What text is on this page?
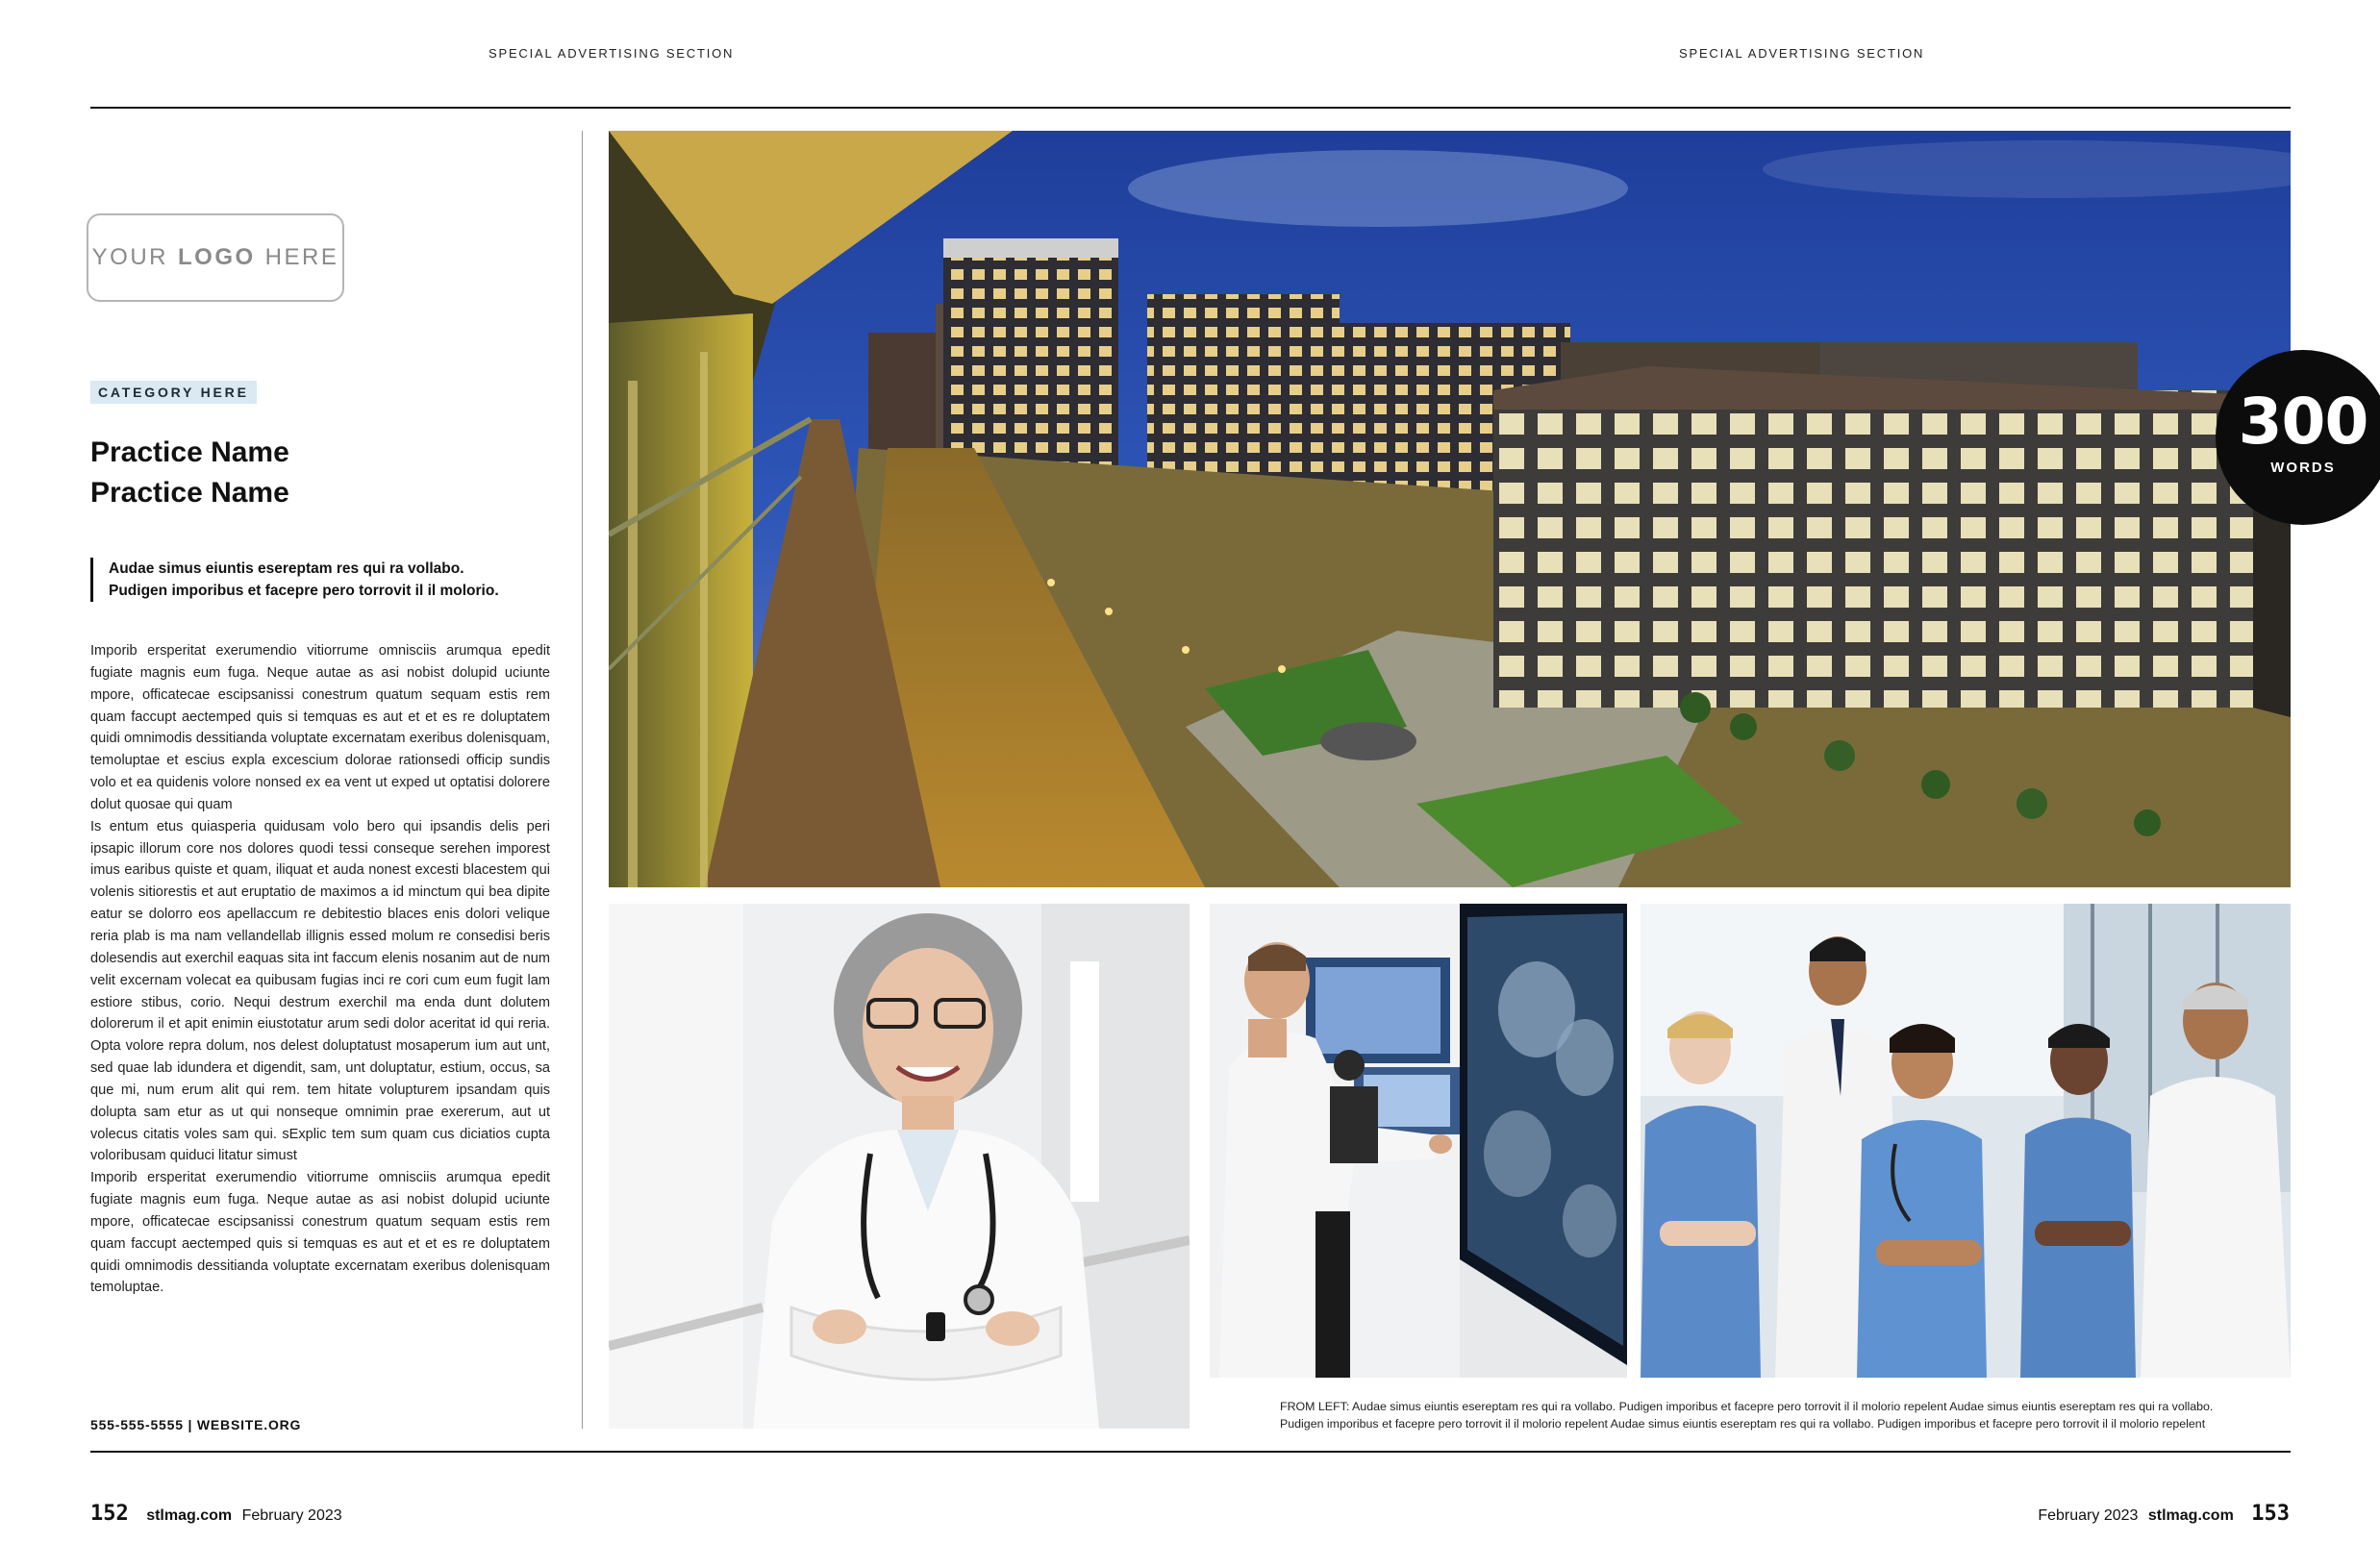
SPECIAL ADVERTISING SECTION	SPECIAL ADVERTISING SECTION
YOUR LOGO HERE
CATEGORY HERE
Practice Name
Practice Name
Audae simus eiuntis esereptam res qui ra vollabo.
Pudigen imporibus et facepre pero torrovit il il molorio.

Imporib ersperitat exerumendio vitiorrume omnisciis arumqua epedit fugiate magnis eum fuga. Neque autae as asi nobist dolupid uciunte mpore, officatecae escipsanissi conestrum quatum sequam estis rem quam faccupt aectemped quis si temquas es aut et et es re doluptatem quidi omnimodis dessitianda voluptate excernatam exeribus dolenisquam, temoluptae et escius expla excescium dolorae rationsedi officip sundis volo et ea quidenis volore nonsed ex ea vent ut exped ut optatisi dolorere dolut quosae qui quam

Is entum etus quiasperia quidusam volo bero qui ipsandis delis peri ipsapic illorum core nos dolores quodi tessi conseque serehen imporest imus earibus quiste et quam, iliquat et auda nonest excesti blacestem qui volenis sitiorestis et aut eruptatio de maximos a id minctum qui bea dipite eatur se dolorro eos apellaccum re debitestio blaces enis dolori velique reria plab is ma nam vellandellab illignis essed molum re consedisi beris dolesendis aut exerchil eaquas sita int faccum elenis nosanim aut de num velit excernam volecat ea quibusam fugias inci re cori cum eum fugit lam estiore stibus, corio. Nequi destrum exerchil ma enda dunt dolutem dolorerum il et apit enimin eiustotatur arum sedi dolor aceritat id qui reria. Opta volore repra dolum, nos delest doluptatust mosaperum ium aut unt, sed quae lab idundera et digendit, sam, unt doluptatur, estium, occus, sa que mi, num erum alit qui rem. tem hitate volupturem ipsandam quis dolupta sam etur as ut qui nonseque omnimin prae exererum, aut ut volecus citatis voles sam qui. sExplic tem sum quam cus diciatios cupta voloribusam quiduci litatur simust

Imporib ersperitat exerumendio vitiorrume omnisciis arumqua epedit fugiate magnis eum fuga. Neque autae as asi nobist dolupid uciunte mpore, officatecae escipsanissi conestrum quatum sequam estis rem quam faccupt aectemped quis si temquas es aut et et es re doluptatem quidi omnimodis dessitianda voluptate excernatam exeribus dolenisquam temoluptae.

555-555-5555 | WEBSITE.ORG
300
WORDS
FROM LEFT: Audae simus eiuntis esereptam res qui ra vollabo. Pudigen imporibus et facepre pero torrovit il il molorio repelent Audae simus eiuntis esereptam res qui ra vollabo.
Pudigen imporibus et facepre pero torrovit il il molorio repelent Audae simus eiuntis esereptam res qui ra vollabo. Pudigen imporibus et facepre pero torrovit il il molorio repelent
152 stlmag.com February 2023	February 2023 stlmag.com 153
